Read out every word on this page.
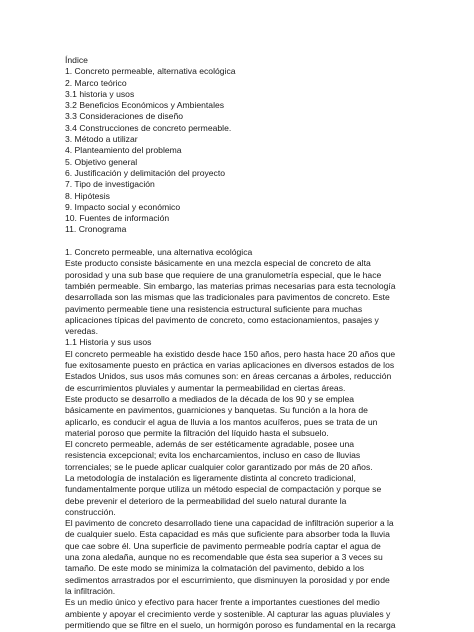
Índice
1. Concreto permeable, alternativa ecológica
2. Marco teórico
3.1 historia y usos
3.2 Beneficios Económicos y Ambientales
3.3 Consideraciones de diseño
3.4 Construcciones de concreto permeable.
3. Método a utilizar
4. Planteamiento del problema
5. Objetivo general
6. Justificación y delimitación del proyecto
7. Tipo de investigación
8. Hipótesis
9. Impacto social y económico
10. Fuentes de información
11. Cronograma
1. Concreto permeable, una alternativa ecológica
Este producto consiste básicamente en una mezcla especial de concreto de alta
porosidad y una sub base que requiere de una granulometría especial, que le hace
también permeable. Sin embargo, las materias primas necesarias para esta tecnología
desarrollada son las mismas que las tradicionales para pavimentos de concreto. Este
pavimento permeable tiene una resistencia estructural suficiente para muchas
aplicaciones típicas del pavimento de concreto, como estacionamientos, pasajes y
veredas.
1.1 Historia y sus usos
El concreto permeable ha existido desde hace 150 años, pero hasta hace 20 años que
fue exitosamente puesto en práctica en varias aplicaciones en diversos estados de los
Estados Unidos, sus usos más comunes son: en áreas cercanas a árboles, reducción
de escurrimientos pluviales y aumentar la permeabilidad en ciertas áreas.
Este producto se desarrollo a mediados de la década de los 90 y se emplea
básicamente en pavimentos, guarniciones y banquetas. Su función a la hora de
aplicarlo, es conducir el agua de lluvia a los mantos acuíferos, pues se trata de un
material poroso que permite la filtración del líquido hasta el subsuelo.
El concreto permeable, además de ser estéticamente agradable, posee una
resistencia excepcional; evita los encharcamientos, incluso en caso de lluvias
torrenciales; se le puede aplicar cualquier color garantizado por más de 20 años.
La metodología de instalación es ligeramente distinta al concreto tradicional,
fundamentalmente porque utiliza un método especial de compactación y porque se
debe prevenir el deterioro de la permeabilidad del suelo natural durante la
construcción.
El pavimento de concreto desarrollado tiene una capacidad de infiltración superior a la
de cualquier suelo. Esta capacidad es más que suficiente para absorber toda la lluvia
que cae sobre él. Una superficie de pavimento permeable podría captar el agua de
una zona aledaña, aunque no es recomendable que ésta sea superior a 3 veces su
tamaño. De este modo se minimiza la colmatación del pavimento, debido a los
sedimentos arrastrados por el escurrimiento, que disminuyen la porosidad y por ende
la infiltración.
Es un medio único y efectivo para hacer frente a importantes cuestiones del medio
ambiente y apoyar el crecimiento verde y sostenible. Al capturar las aguas pluviales y
permitiendo que se filtre en el suelo, un hormigón poroso es fundamental en la recarga
